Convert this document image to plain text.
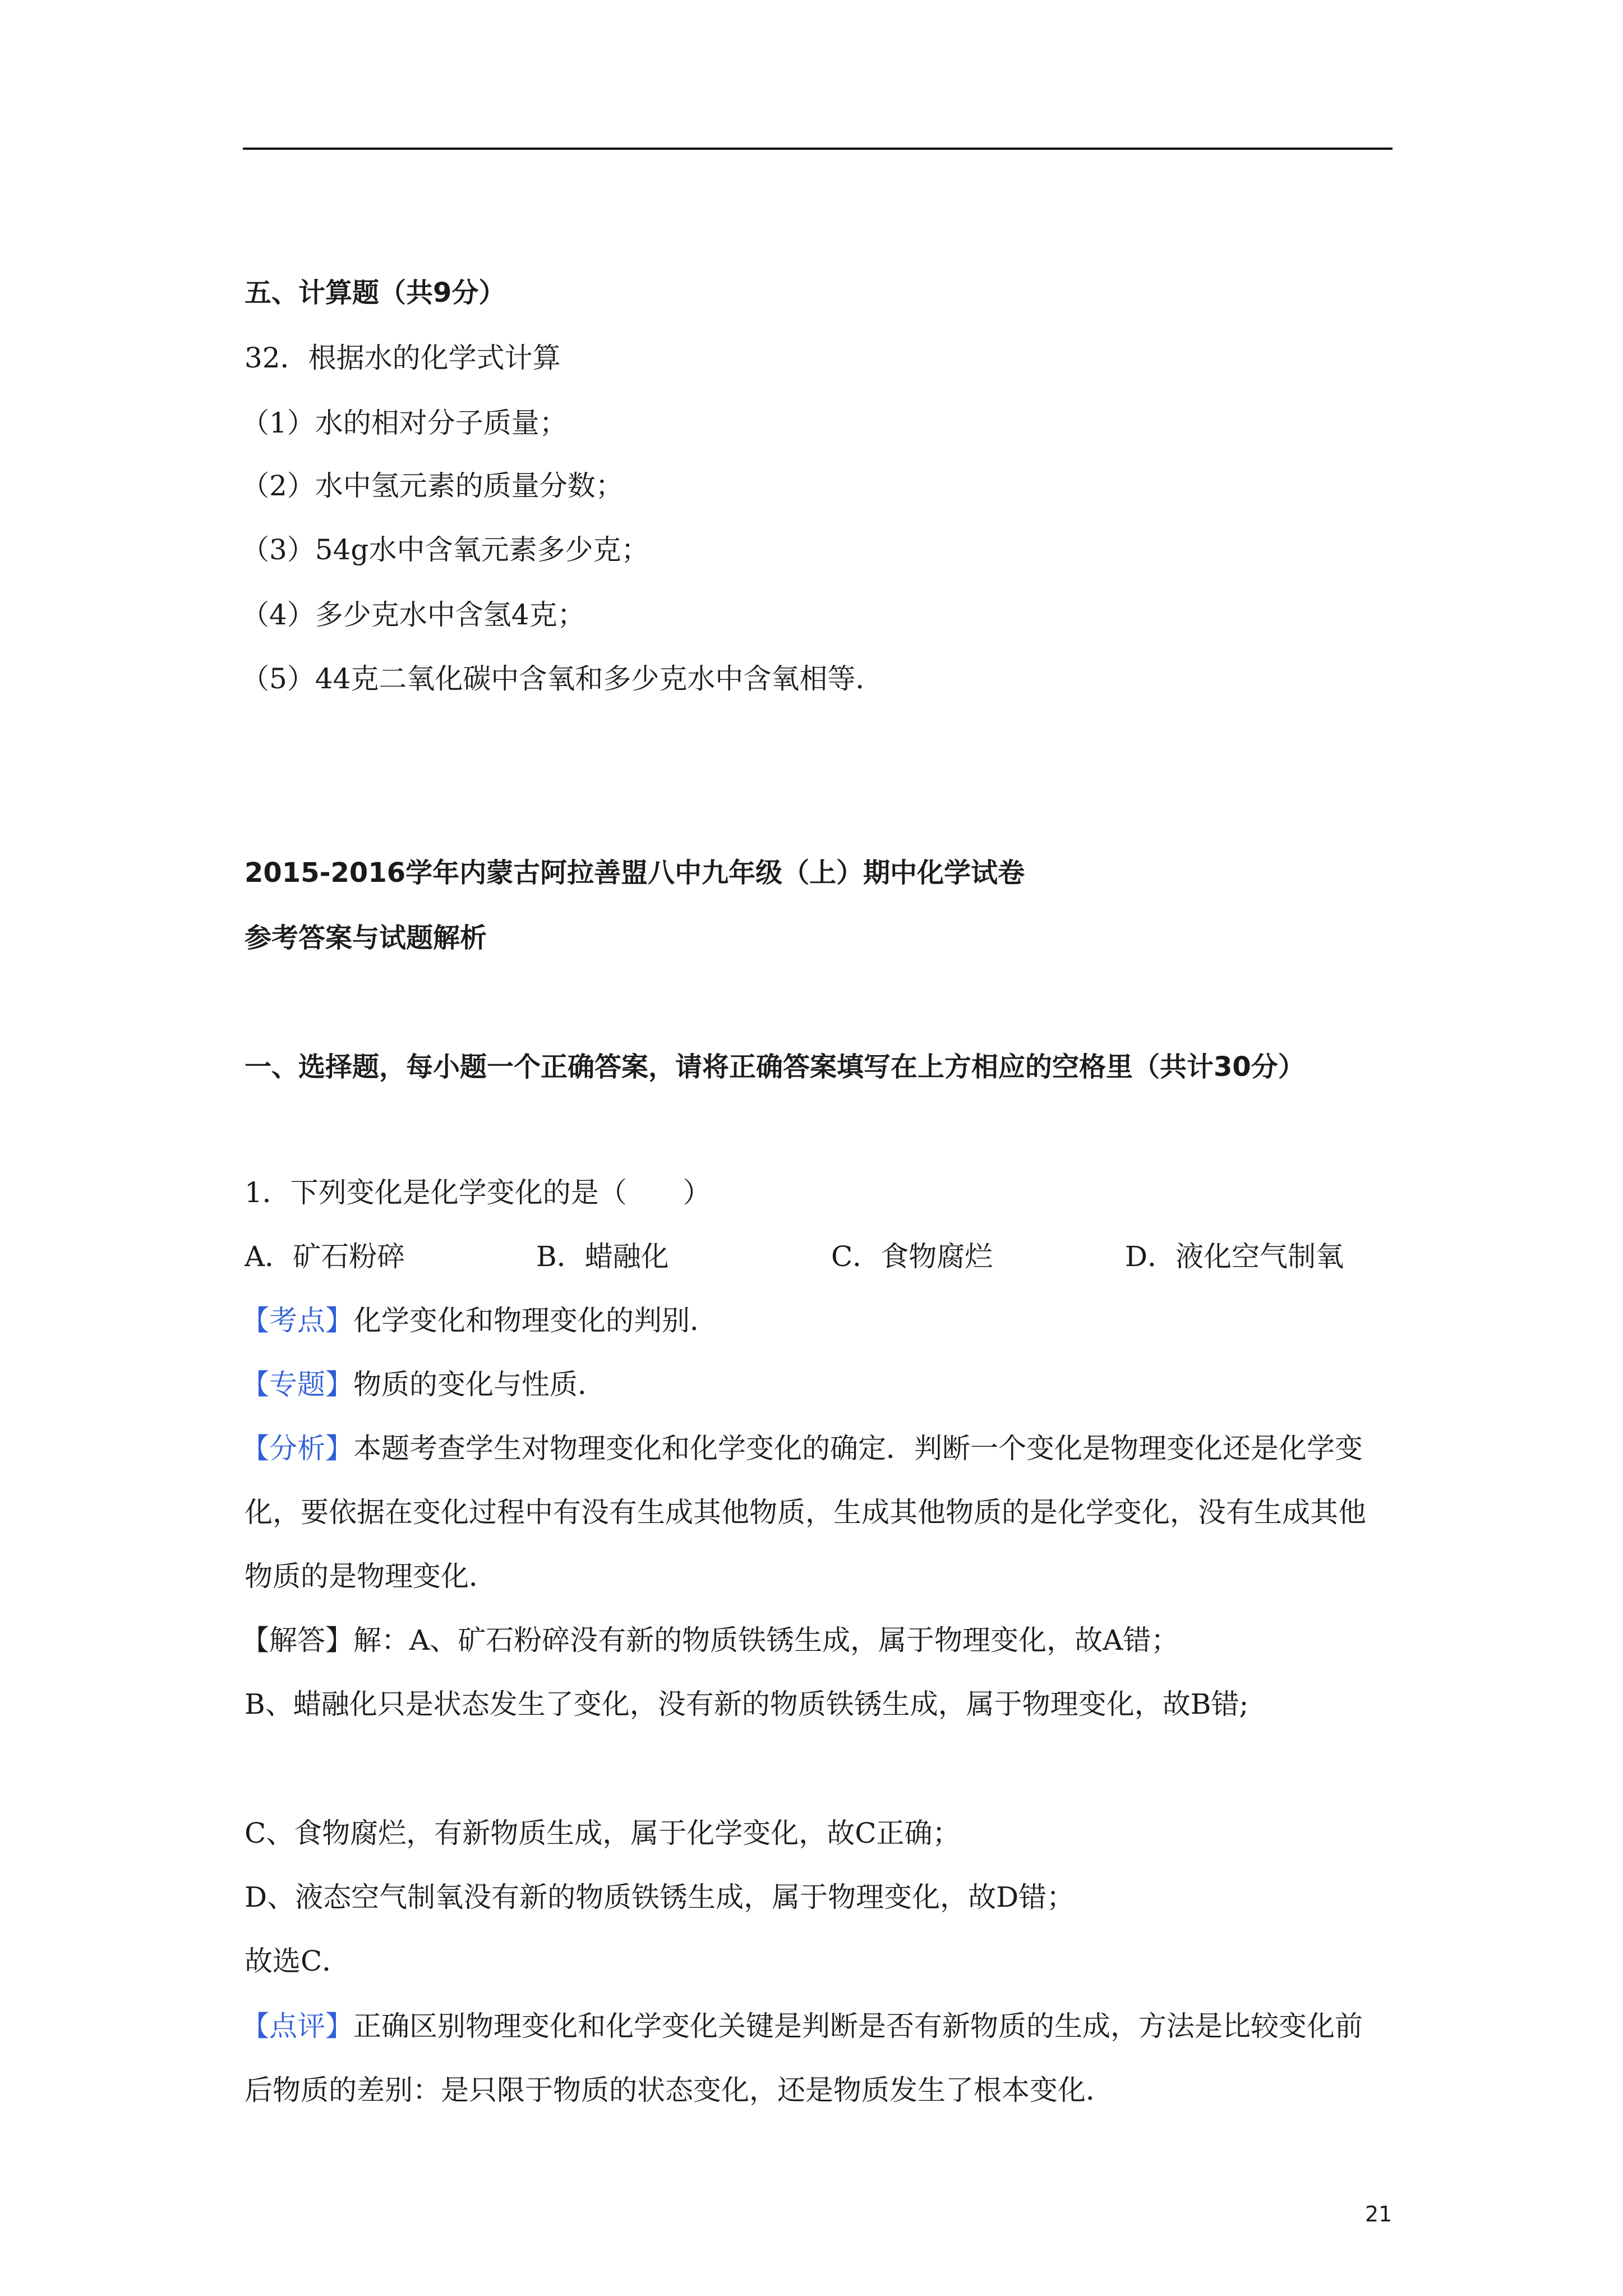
五、计算题（共9分）
32．根据水的化学式计算
（1）水的相对分子质量；
（2）水中氢元素的质量分数；
（3）54g水中含氧元素多少克；
（4）多少克水中含氢4克；
（5）44克二氧化碳中含氧和多少克水中含氧相等．
2015-2016学年内蒙古阿拉善盟八中九年级（上）期中化学试卷
参考答案与试题解析
一、选择题，每小题一个正确答案，请将正确答案填写在上方相应的空格里（共计30分）
1．下列变化是化学变化的是（　　）
A．矿石粉碎	B．蜡融化	C．食物腐烂	D．液化空气制氧
【考点】化学变化和物理变化的判别．
【专题】物质的变化与性质．
【分析】本题考查学生对物理变化和化学变化的确定．判断一个变化是物理变化还是化学变
化，要依据在变化过程中有没有生成其他物质，生成其他物质的是化学变化，没有生成其他
物质的是物理变化．
【解答】解：A、矿石粉碎没有新的物质铁锈生成，属于物理变化，故A错；
B、蜡融化只是状态发生了变化，没有新的物质铁锈生成，属于物理变化，故B错;
C、食物腐烂，有新物质生成，属于化学变化，故C正确；
D、液态空气制氧没有新的物质铁锈生成，属于物理变化，故D错；
故选C．
【点评】正确区别物理变化和化学变化关键是判断是否有新物质的生成，方法是比较变化前
后物质的差别：是只限于物质的状态变化，还是物质发生了根本变化．
21
